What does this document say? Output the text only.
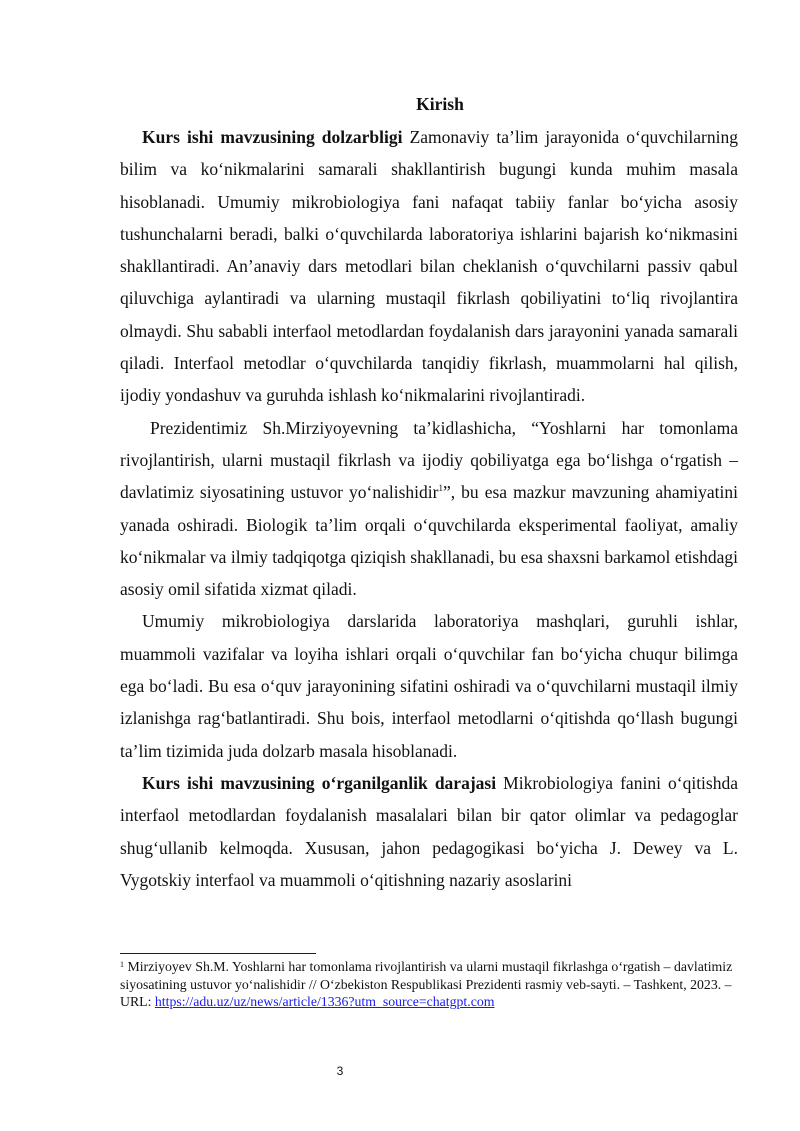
Kirish

Kurs ishi mavzusining dolzarbligi Zamonaviy ta’lim jarayonida o‘quvchilarning bilim va ko‘nikmalarini samarali shakllantirish bugungi kunda muhim masala hisoblanadi. Umumiy mikrobiologiya fani nafaqat tabiiy fanlar bo‘yicha asosiy tushunchalarni beradi, balki o‘quvchilarda laboratoriya ishlarini bajarish ko‘nikmasini shakllantiradi. An’anaviy dars metodlari bilan cheklanish o‘quvchilarni passiv qabul qiluvchiga aylantiradi va ularning mustaqil fikrlash qobiliyatini to‘liq rivojlantira olmaydi. Shu sababli interfaol metodlardan foydalanish dars jarayonini yanada samarali qiladi. Interfaol metodlar o‘quvchilarda tanqidiy fikrlash, muammolarni hal qilish, ijodiy yondashuv va guruhda ishlash ko‘nikmalarini rivojlantiradi.

Prezidentimiz Sh.Mirziyoyevning ta’kidlashicha, “Yoshlarni har tomonlama rivojlantirish, ularni mustaqil fikrlash va ijodiy qobiliyatga ega bo‘lishga o‘rgatish – davlatimiz siyosatining ustuvor yo‘nalishidir$^1$”, bu esa mazkur mavzuning ahamiyatini yanada oshiradi. Biologik ta’lim orqali o‘quvchilarda eksperimental faoliyat, amaliy ko‘nikmalar va ilmiy tadqiqotga qiziqish shakllanadi, bu esa shaxsni barkamol etishdagi asosiy omil sifatida xizmat qiladi.

Umumiy mikrobiologiya darslarida laboratoriya mashqlari, guruhli ishlar, muammoli vazifalar va loyiha ishlari orqali o‘quvchilar fan bo‘yicha chuqur bilimga ega bo‘ladi. Bu esa o‘quv jarayonining sifatini oshiradi va o‘quvchilarni mustaqil ilmiy izlanishga rag‘batlantiradi. Shu bois, interfaol metodlarni o‘qitishda qo‘llash bugungi ta’lim tizimida juda dolzarb masala hisoblanadi.

Kurs ishi mavzusining o‘rganilganlik darajasi Mikrobiologiya fanini o‘qitishda interfaol metodlardan foydalanish masalalari bilan bir qator olimlar va pedagoglar shug‘ullanib kelmoqda. Xususan, jahon pedagogikasi bo‘yicha J. Dewey va L. Vygotskiy interfaol va muammoli o‘qitishning nazariy asoslarini

$^1$ Mirziyoyev Sh.M. Yoshlarni har tomonlama rivojlantirish va ularni mustaqil fikrlashga o‘rgatish – davlatimiz siyosatining ustuvor yo‘nalishidir // O‘zbekiston Respublikasi Prezidenti rasmiy veb-sayti. – Tashkent, 2023. – URL: https://adu.uz/uz/news/article/1336?utm_source=chatgpt.com
3
